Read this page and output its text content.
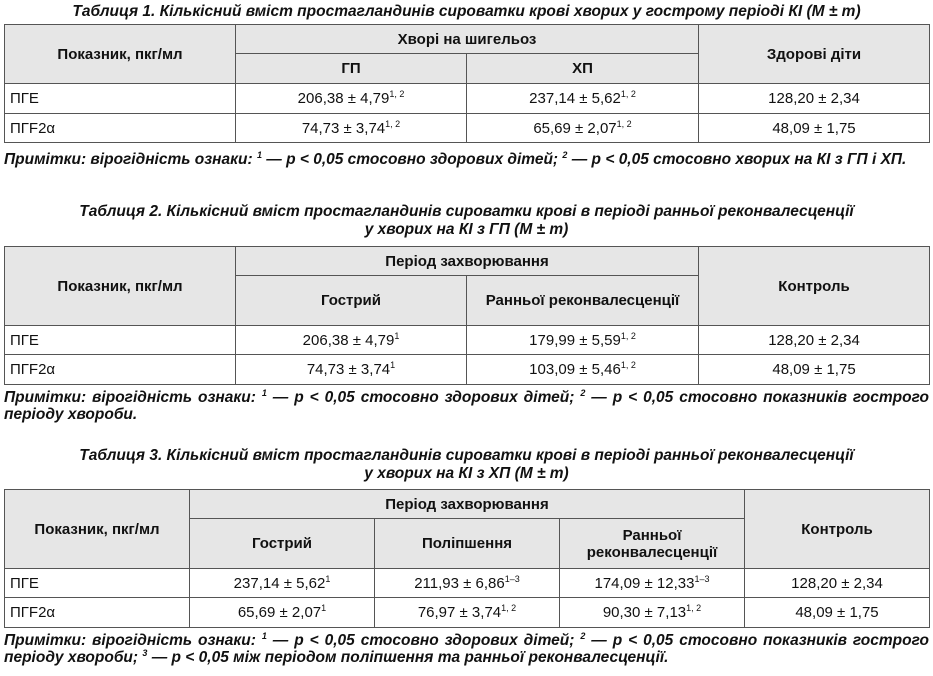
Таблиця 1. Кількісний вміст простагландинів сироватки крові хворих у гострому періоді КІ (M ± m)
Показник, пкг/мл	Хворі на шигельоз		Здорові діти
	ГП	ХП	
ПГЕ	$206,38 \pm 4,79^{1, 2}$	$237,14 \pm 5,62^{1, 2}$	128,20 ± 2,34
ПГF2α	$74,73 \pm 3,74^{1, 2}$	$65,69 \pm 2,07^{1, 2}$	48,09 ± 1,75
Примітки: вірогідність ознаки: $^1$ — p < 0,05 стосовно здорових дітей; $^2$ — p < 0,05 стосовно хворих на КІ з ГП і ХП.
Таблиця 2. Кількісний вміст простагландинів сироватки крові в періоді ранньої реконвалесценції
у хворих на КІ з ГП (M ± m)
Показник, пкг/мл	Період захворювання		Контроль
	Гострий	Ранньої реконвалесценції	
ПГЕ	$206,38 \pm 4,79^1$	$179,99 \pm 5,59^{1, 2}$	128,20 ± 2,34
ПГF2α	$74,73 \pm 3,74^1$	$103,09 \pm 5,46^{1, 2}$	48,09 ± 1,75
Примітки: вірогідність ознаки: $^1$ — p < 0,05 стосовно здорових дітей; $^2$ — p < 0,05 стосовно показників гострого періоду хвороби.
Таблиця 3. Кількісний вміст простагландинів сироватки крові в періоді ранньої реконвалесценції
у хворих на КІ з ХП (M ± m)
Показник, пкг/мл	Період захворювання			Контроль
	Гострий	Поліпшення	Ранньої реконвалесценції	
ПГЕ	$237,14 \pm 5,62^1$	$211,93 \pm 6,86^{1-3}$	$174,09 \pm 12,33^{1-3}$	128,20 ± 2,34
ПГF2α	$65,69 \pm 2,07^1$	$76,97 \pm 3,74^{1, 2}$	$90,30 \pm 7,13^{1, 2}$	48,09 ± 1,75
Примітки: вірогідність ознаки: $^1$ — p < 0,05 стосовно здорових дітей; $^2$ — p < 0,05 стосовно показників гострого періоду хвороби; $^3$ — p < 0,05 між періодом поліпшення та ранньої реконвалесценції.
